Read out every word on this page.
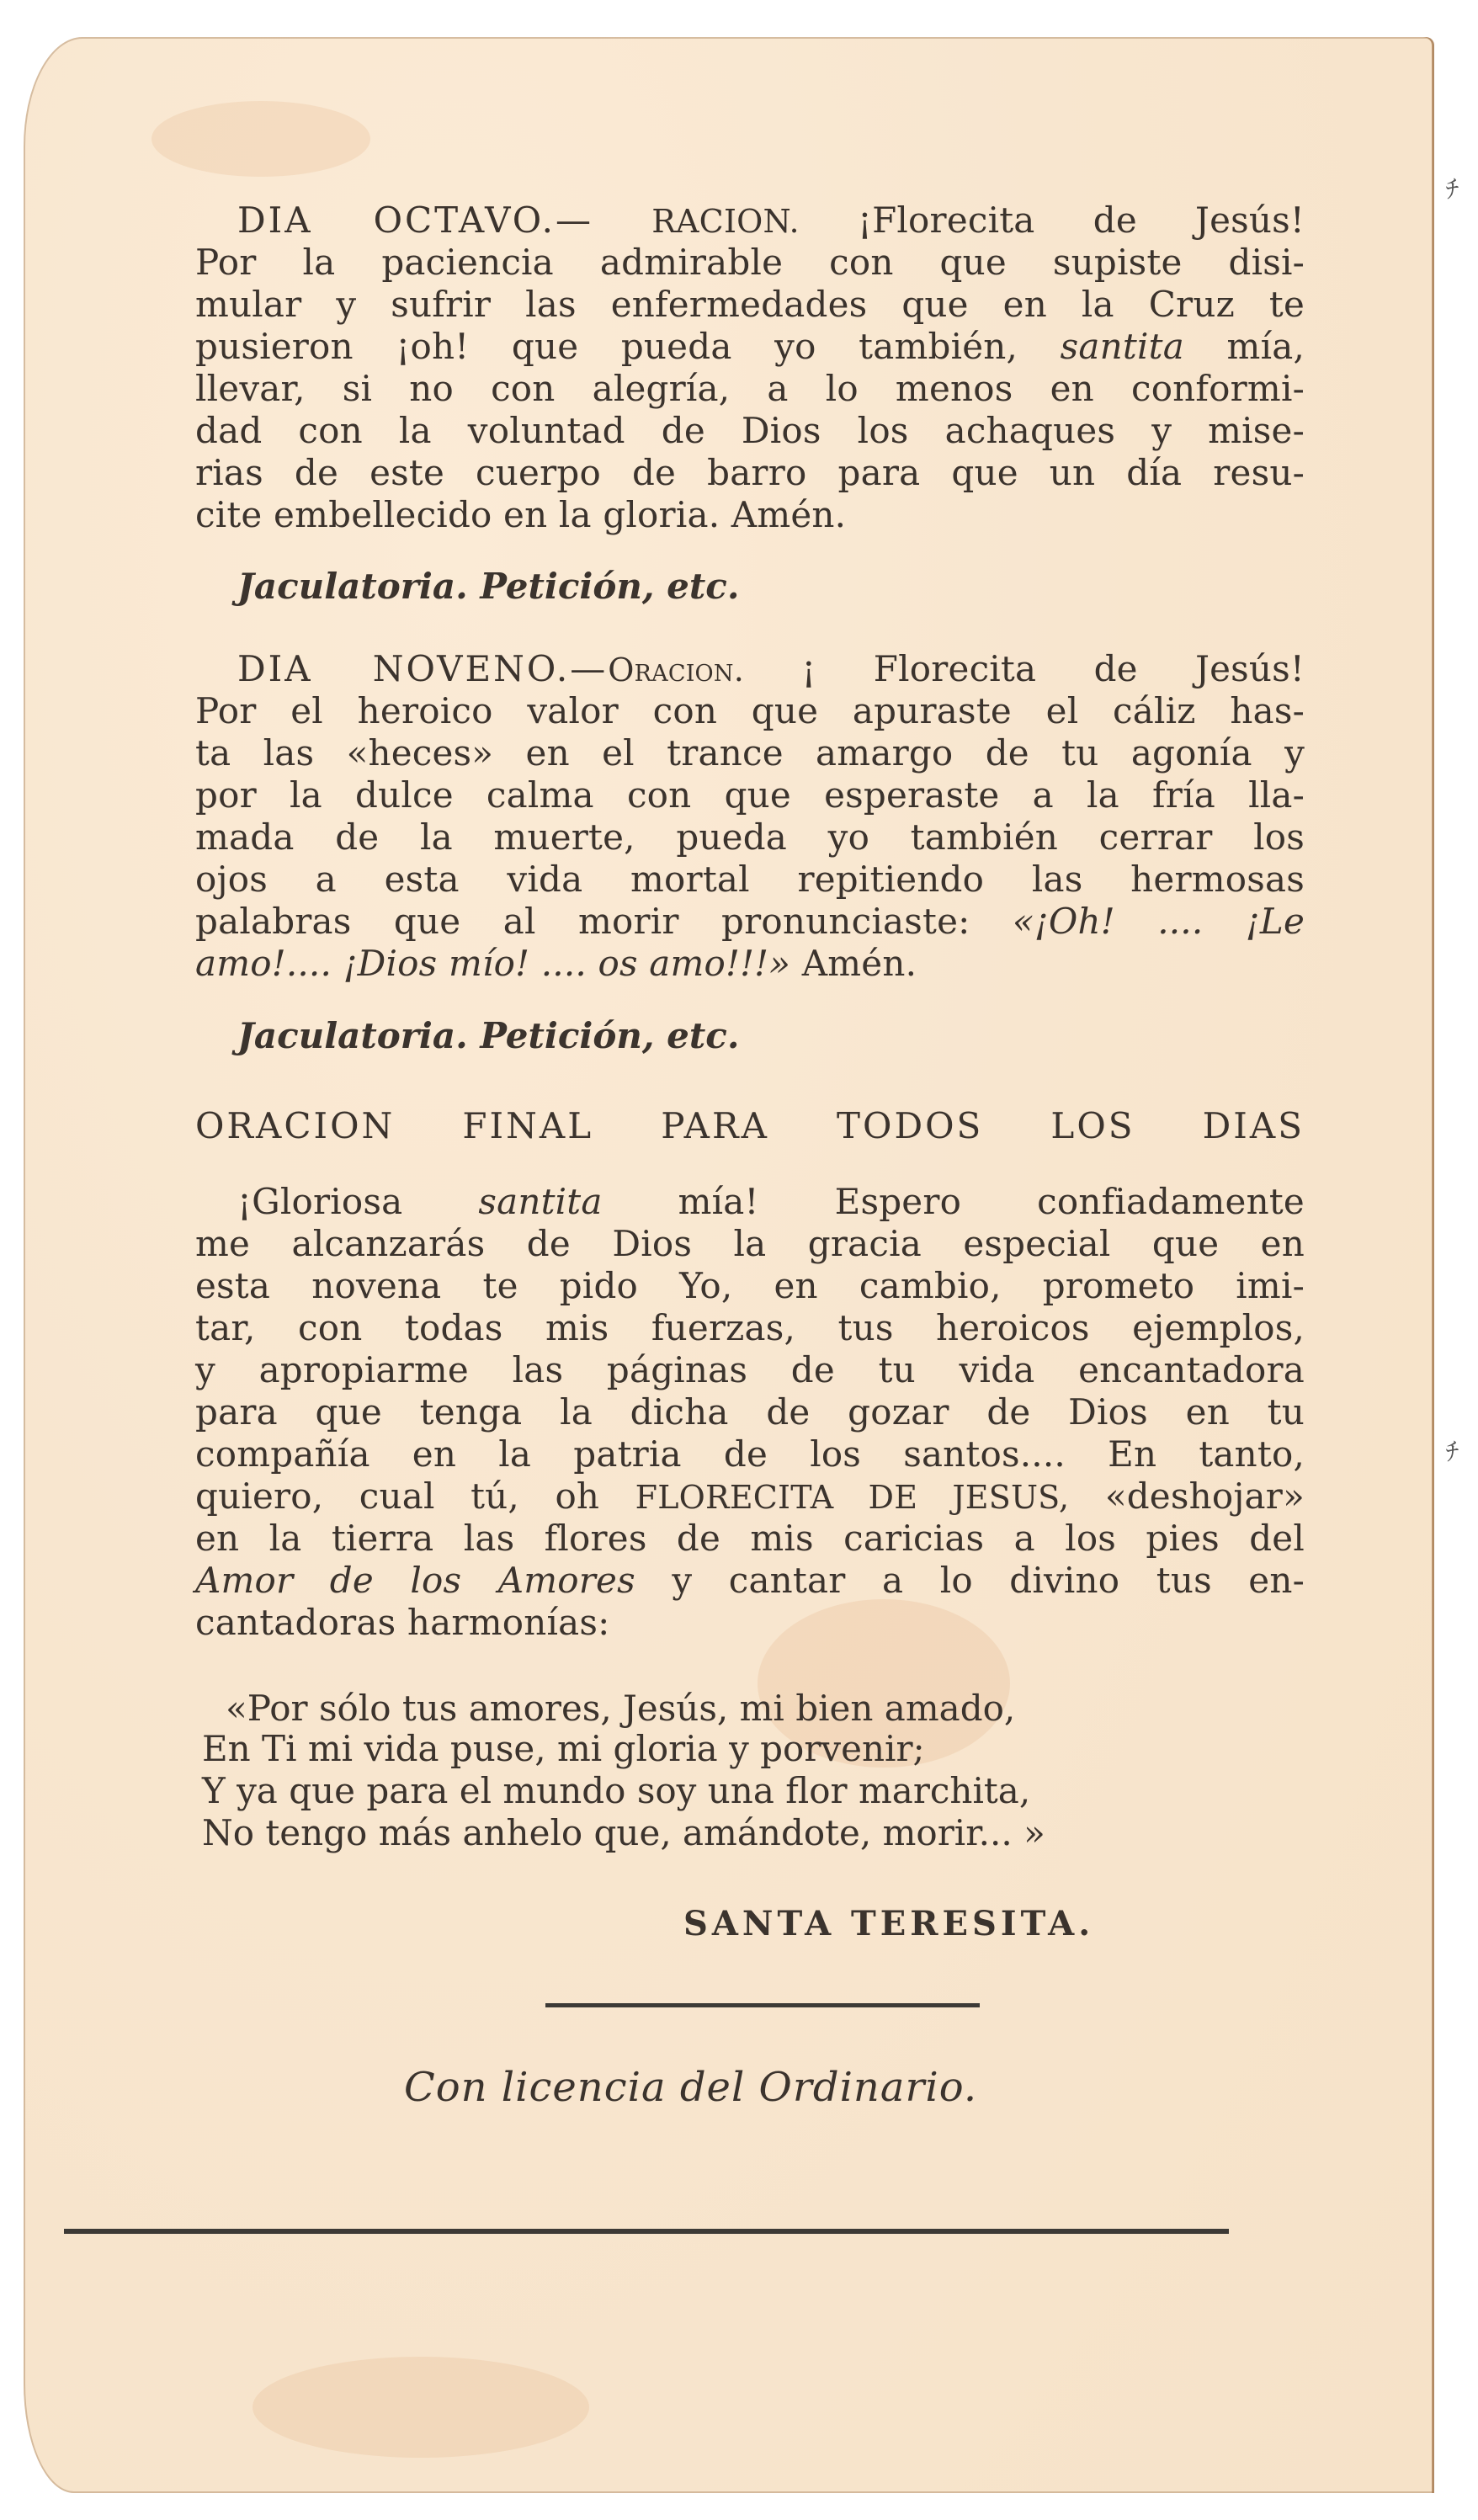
ﾁ
ﾁ
DIA OCTAVO.— RACION. ¡Florecita de Jesús!
Por la paciencia admirable con que supiste disi-
mular y sufrir las enfermedades que en la Cruz te
pusieron ¡oh! que pueda yo también, santita mía,
llevar, si no con alegría, a lo menos en conformi-
dad con la voluntad de Dios los achaques y mise-
rias de este cuerpo de barro para que un día resu-
cite embellecido en la gloria. Amén.
Jaculatoria. Petición, etc.
DIA NOVENO.—Oracion. ¡ Florecita de Jesús!
Por el heroico valor con que apuraste el cáliz has-
ta las «heces» en el trance amargo de tu agonía y
por la dulce calma con que esperaste a la fría lla-
mada de la muerte, pueda yo también cerrar los
ojos a esta vida mortal repitiendo las hermosas
palabras que al morir pronunciaste: «¡Oh! .... ¡Le
amo!.... ¡Dios mío! .... os amo!!!» Amén.
Jaculatoria. Petición, etc.
ORACION FINAL PARA TODOS LOS DIAS
¡Gloriosa santita mía! Espero confiadamente
me alcanzarás de Dios la gracia especial que en
esta novena te pido Yo, en cambio, prometo imi-
tar, con todas mis fuerzas, tus heroicos ejemplos,
y apropiarme las páginas de tu vida encantadora
para que tenga la dicha de gozar de Dios en tu
compañía en la patria de los santos.... En tanto,
quiero, cual tú, oh FLORECITA DE JESUS, «deshojar»
en la tierra las flores de mis caricias a los pies del
Amor de los Amores y cantar a lo divino tus en-
cantadoras harmonías:
«Por sólo tus amores, Jesús, mi bien amado,
En Ti mi vida puse, mi gloria y porvenir;
Y ya que para el mundo soy una flor marchita,
No tengo más anhelo que, amándote, morir... »
SANTA TERESITA.
Con licencia del Ordinario.
